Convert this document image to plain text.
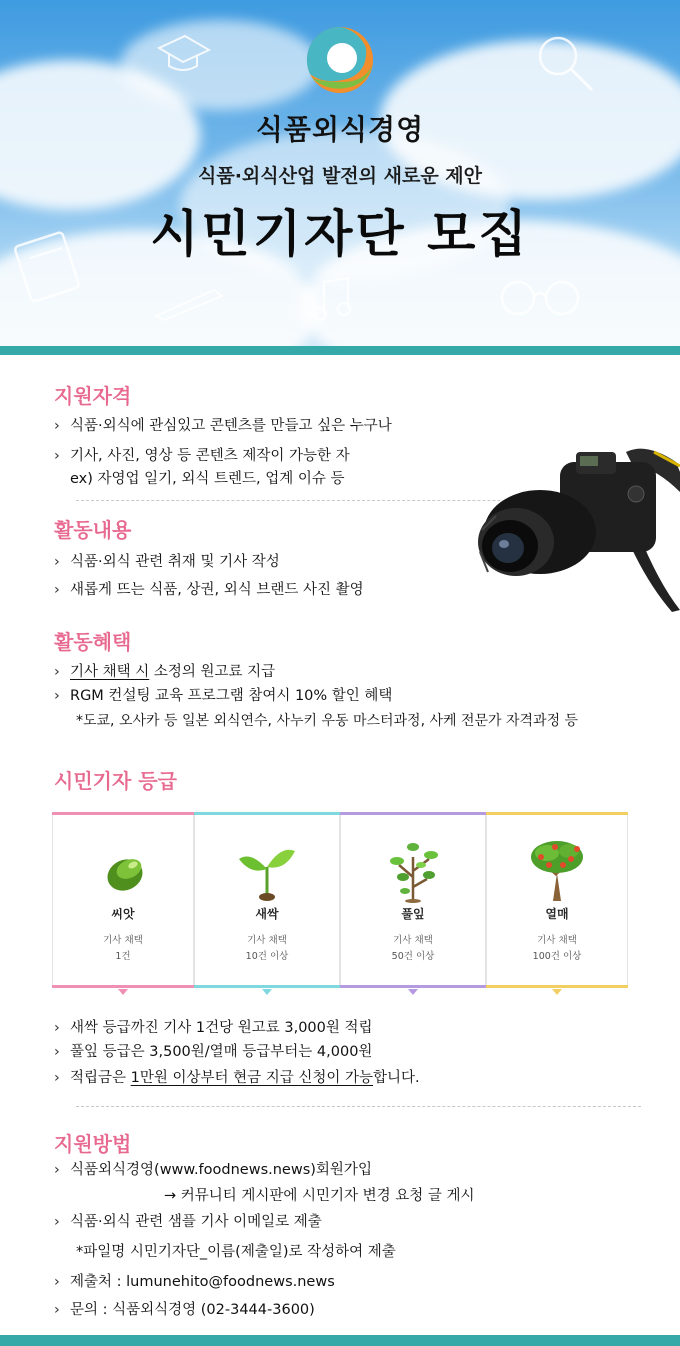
식품외식경영
식품·외식산업 발전의 새로운 제안
시민기자단 모집
지원자격
› 식품·외식에 관심있고 콘텐츠를 만들고 싶은 누구나
› 기사, 사진, 영상 등 콘텐츠 제작이 가능한 자
ex) 자영업 일기, 외식 트렌드, 업계 이슈 등
활동내용
› 식품·외식 관련 취재 및 기사 작성
› 새롭게 뜨는 식품, 상권, 외식 브랜드 사진 촬영
활동혜택
› 기사 채택 시 소정의 원고료 지급
› RGM 컨설팅 교육 프로그램 참여시 10% 할인 혜택
*도쿄, 오사카 등 일본 외식연수, 사누키 우동 마스터과정, 사케 전문가 자격과정 등
시민기자 등급
씨앗
기사 채택
1건
새싹
기사 채택
10건 이상
풀잎
기사 채택
50건 이상
열매
기사 채택
100건 이상
› 새싹 등급까진 기사 1건당 원고료 3,000원 적립
› 풀잎 등급은 3,500원/열매 등급부터는 4,000원
› 적립금은 1만원 이상부터 현금 지급 신청이 가능합니다.
지원방법
› 식품외식경영(www.foodnews.news)회원가입
→ 커뮤니티 게시판에 시민기자 변경 요청 글 게시
› 식품·외식 관련 샘플 기사 이메일로 제출
*파일명 시민기자단_이름(제출일)로 작성하여 제출
› 제출처 : lumunehito@foodnews.news
› 문의 : 식품외식경영 (02-3444-3600)
